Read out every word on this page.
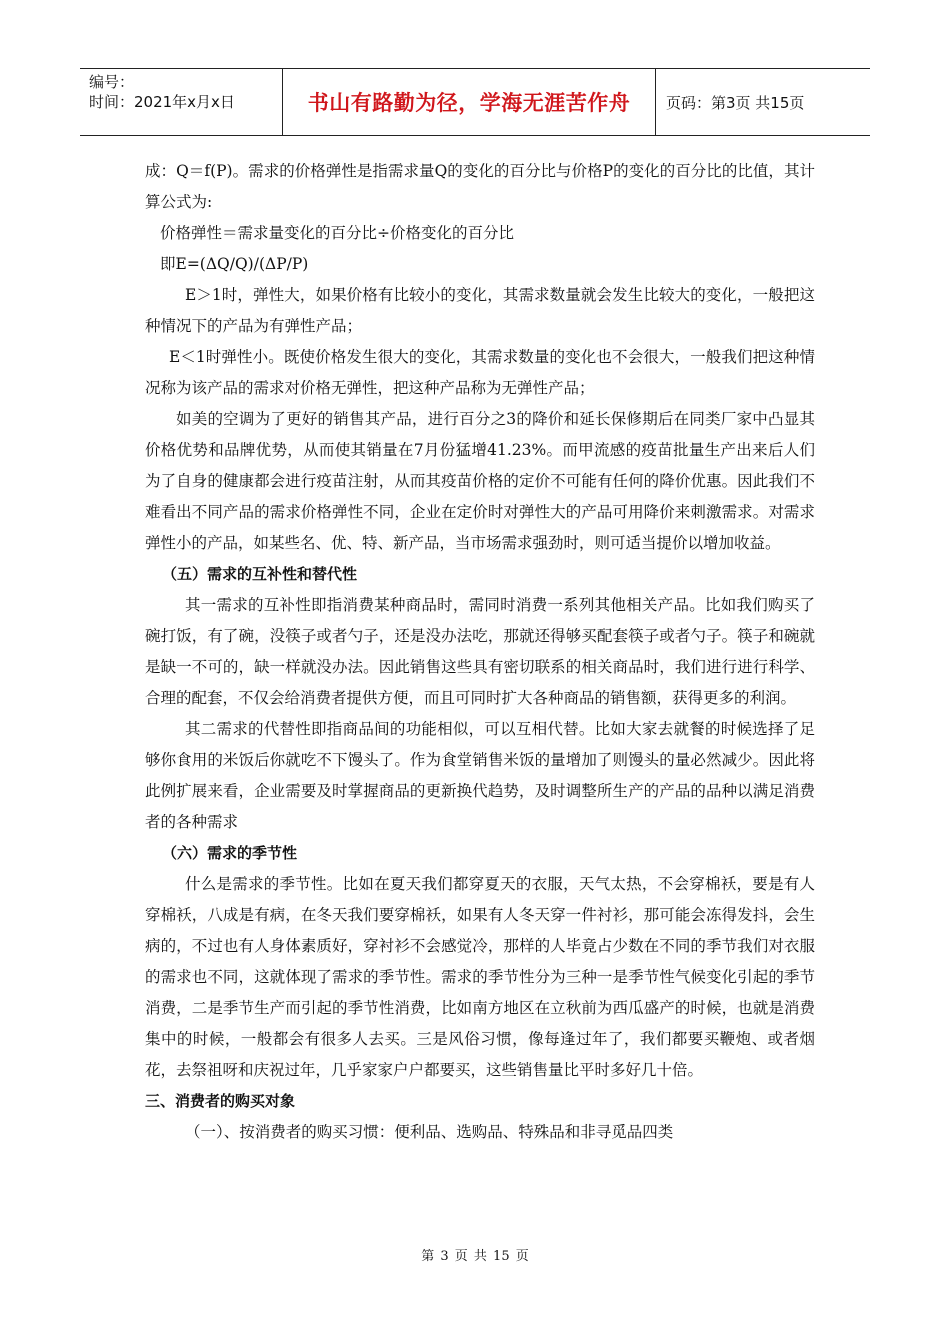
编号：
时间：2021年x月x日	书山有路勤为径，学海无涯苦作舟	页码：第3页 共15页

成：Q＝f(P)。需求的价格弹性是指需求量Q的变化的百分比与价格P的变化的百分比的比值，其计算公式为:

价格弹性＝需求量变化的百分比÷价格变化的百分比

即E=(ΔQ/Q)/(ΔP/P)

E＞1时，弹性大，如果价格有比较小的变化，其需求数量就会发生比较大的变化，一般把这种情况下的产品为有弹性产品；

E＜1时弹性小。既使价格发生很大的变化，其需求数量的变化也不会很大，一般我们把这种情况称为该产品的需求对价格无弹性，把这种产品称为无弹性产品；

如美的空调为了更好的销售其产品，进行百分之3的降价和延长保修期后在同类厂家中凸显其价格优势和品牌优势，从而使其销量在7月份猛增41.23%。而甲流感的疫苗批量生产出来后人们为了自身的健康都会进行疫苗注射，从而其疫苗价格的定价不可能有任何的降价优惠。因此我们不难看出不同产品的需求价格弹性不同，企业在定价时对弹性大的产品可用降价来刺激需求。对需求弹性小的产品，如某些名、优、特、新产品，当市场需求强劲时，则可适当提价以增加收益。

（五）需求的互补性和替代性

其一需求的互补性即指消费某种商品时，需同时消费一系列其他相关产品。比如我们购买了碗打饭，有了碗，没筷子或者勺子，还是没办法吃，那就还得够买配套筷子或者勺子。筷子和碗就是缺一不可的，缺一样就没办法。因此销售这些具有密切联系的相关商品时，我们进行进行科学、合理的配套，不仅会给消费者提供方便，而且可同时扩大各种商品的销售额，获得更多的利润。

其二需求的代替性即指商品间的功能相似，可以互相代替。比如大家去就餐的时候选择了足够你食用的米饭后你就吃不下馒头了。作为食堂销售米饭的量增加了则馒头的量必然减少。因此将此例扩展来看，企业需要及时掌握商品的更新换代趋势，及时调整所生产的产品的品种以满足消费者的各种需求

（六）需求的季节性

什么是需求的季节性。比如在夏天我们都穿夏天的衣服，天气太热，不会穿棉袄，要是有人穿棉袄，八成是有病，在冬天我们要穿棉袄，如果有人冬天穿一件衬衫，那可能会冻得发抖，会生病的，不过也有人身体素质好，穿衬衫不会感觉冷，那样的人毕竟占少数在不同的季节我们对衣服的需求也不同，这就体现了需求的季节性。需求的季节性分为三种一是季节性气候变化引起的季节消费，二是季节生产而引起的季节性消费，比如南方地区在立秋前为西瓜盛产的时候，也就是消费集中的时候，一般都会有很多人去买。三是风俗习惯，像每逢过年了，我们都要买鞭炮、或者烟花，去祭祖呀和庆祝过年，几乎家家户户都要买，这些销售量比平时多好几十倍。

三、消费者的购买对象

（一）、按消费者的购买习惯：便利品、选购品、特殊品和非寻觅品四类

第 3 页 共 15 页
